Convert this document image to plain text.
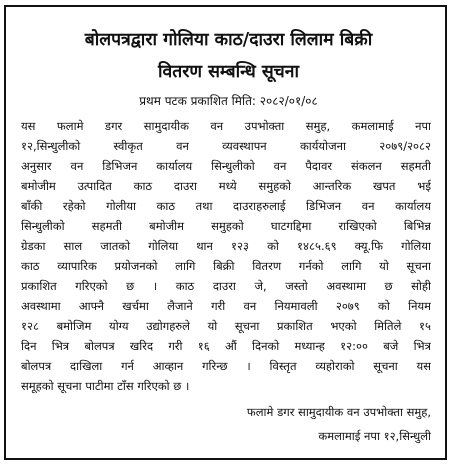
बोलपत्रद्वारा गोलिया काठ/दाउरा लिलाम बिक्री
वितरण सम्बन्धि सूचना
प्रथम पटक प्रकाशित मिति: २०८२/०१/०८
यस फलामे डगर सामुदायीक वन उपभोक्ता समुह, कमलामाई नपा
१२,सिन्धुलीको स्वीकृत वन व्यवस्थापन कार्ययोजना २०७९/२०८२
अनुसार वन डिभिजन कार्यालय सिन्धुलीको वन पैदावर संकलन सहमती
बमोजीम उत्पादित काठ दाउरा मध्ये समुहको आन्तरिक खपत भई
बाँकी रहेको गोलीया काठ तथा दाउराहरुलाई डिभिजन वन कार्यालय
सिन्धुलीको सहमती बमोजीम समुहको घाटगद्दिमा राखिएको बिभिन्न
ग्रेडका साल जातको गोलिया थान १२३ को १४८५.६९ क्यू.फि गोलिया
काठ व्यापारिक प्रयोजनको लागि बिक्री वितरण गर्नको लागि यो सूचना
प्रकाशित गरिएको छ । काठ दाउरा जे, जस्तो अवस्थामा छ सोही
अवस्थामा आफ्नै खर्चमा लैजाने गरी वन नियमावली २०७९ को नियम
१२८ बमोजिम योग्य उद्योगहरुले यो सूचना प्रकाशित भएको मितिले १५
दिन भित्र बोलपत्र खरिद गरी १६ औं दिनको मध्यान्ह १२:०० बजे भित्र
बोलपत्र दाखिला गर्न आव्हान गरिन्छ । विस्तृत व्यहोराको सूचना यस
समूहको सूचना पाटीमा टाँस गरिएको छ ।
फलामे डगर सामुदायीक वन उपभोक्ता समुह,
कमलामाई नपा १२,सिन्धुली
